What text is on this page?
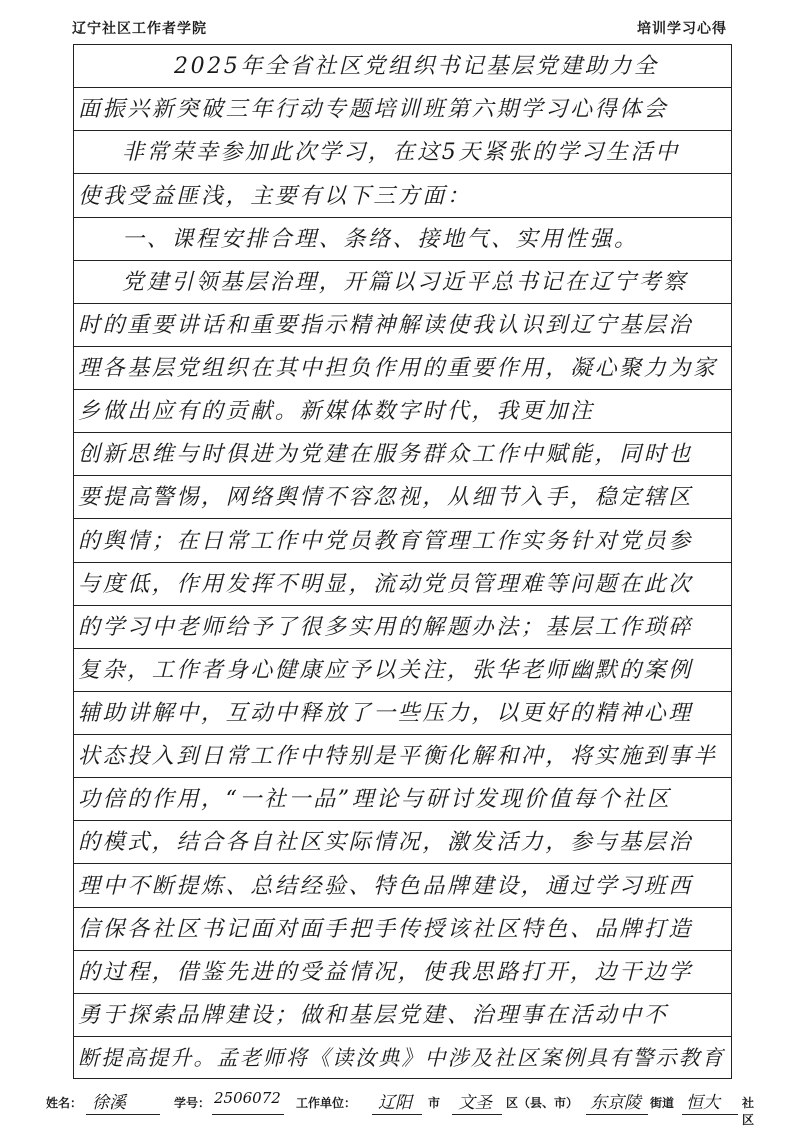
辽宁社区工作者学院	培训学习心得
2025年全省社区党组织书记基层党建助力全
面振兴新突破三年行动专题培训班第六期学习心得体会
非常荣幸参加此次学习，在这5天紧张的学习生活中
使我受益匪浅，主要有以下三方面：
一、课程安排合理、条络、接地气、实用性强。
党建引领基层治理，开篇以习近平总书记在辽宁考察
时的重要讲话和重要指示精神解读使我认识到辽宁基层治
理各基层党组织在其中担负作用的重要作用，凝心聚力为家
乡做出应有的贡献。新媒体数字时代，我更加注
创新思维与时俱进为党建在服务群众工作中赋能，同时也
要提高警惕，网络舆情不容忽视，从细节入手，稳定辖区
的舆情；在日常工作中党员教育管理工作实务针对党员参
与度低，作用发挥不明显，流动党员管理难等问题在此次
的学习中老师给予了很多实用的解题办法；基层工作琐碎
复杂，工作者身心健康应予以关注，张华老师幽默的案例
辅助讲解中，互动中释放了一些压力，以更好的精神心理
状态投入到日常工作中特别是平衡化解和冲，将实施到事半
功倍的作用，“一社一品”理论与研讨发现价值每个社区
的模式，结合各自社区实际情况，激发活力，参与基层治
理中不断提炼、总结经验、特色品牌建设，通过学习班西
信保各社区书记面对面手把手传授该社区特色、品牌打造
的过程，借鉴先进的受益情况，使我思路打开，边干边学
勇于探索品牌建设；做和基层党建、治理事在活动中不
断提高提升。孟老师将《读汝典》中涉及社区案例具有警示教育
姓名： 徐溪	学号： 2506072 工作单位： 辽阳 市 文圣 区（县、市） 东京陵 街道 恒大 社区
